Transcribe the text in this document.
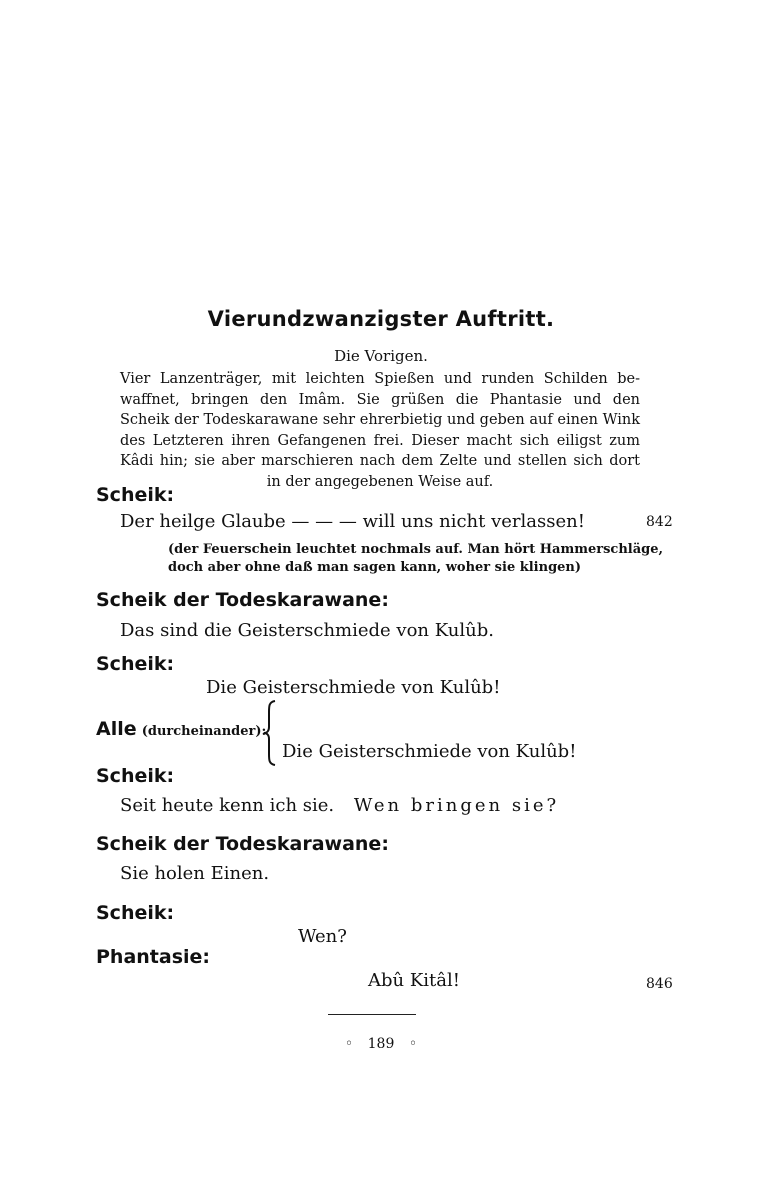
Vierundzwanzigster Auftritt.
Die Vorigen.
Vier Lanzenträger, mit leichten Spießen und runden Schilden be-
waffnet, bringen den Imâm. Sie grüßen die Phantasie und den
Scheik der Todeskarawane sehr ehrerbietig und geben auf einen Wink
des Letzteren ihren Gefangenen frei. Dieser macht sich eiligst zum
Kâdi hin; sie aber marschieren nach dem Zelte und stellen sich dort
in der angegebenen Weise auf.
Scheik:
Der heilge Glaube — — — will uns nicht verlassen!	842
(der Feuerschein leuchtet nochmals auf. Man hört Hammerschläge,
doch aber ohne daß man sagen kann, woher sie klingen)
Scheik der Todeskarawane:
Das sind die Geisterschmiede von Kulûb.
Scheik:
Die Geisterschmiede von Kulûb!
Alle (durcheinander):
Die Geisterschmiede von Kulûb!
Scheik:
Seit heute kenn ich sie. Wen bringen sie?
Scheik der Todeskarawane:
Sie holen Einen.
Scheik:
Wen?
Phantasie:
Abû Kitâl!	846
◦ 189 ◦
